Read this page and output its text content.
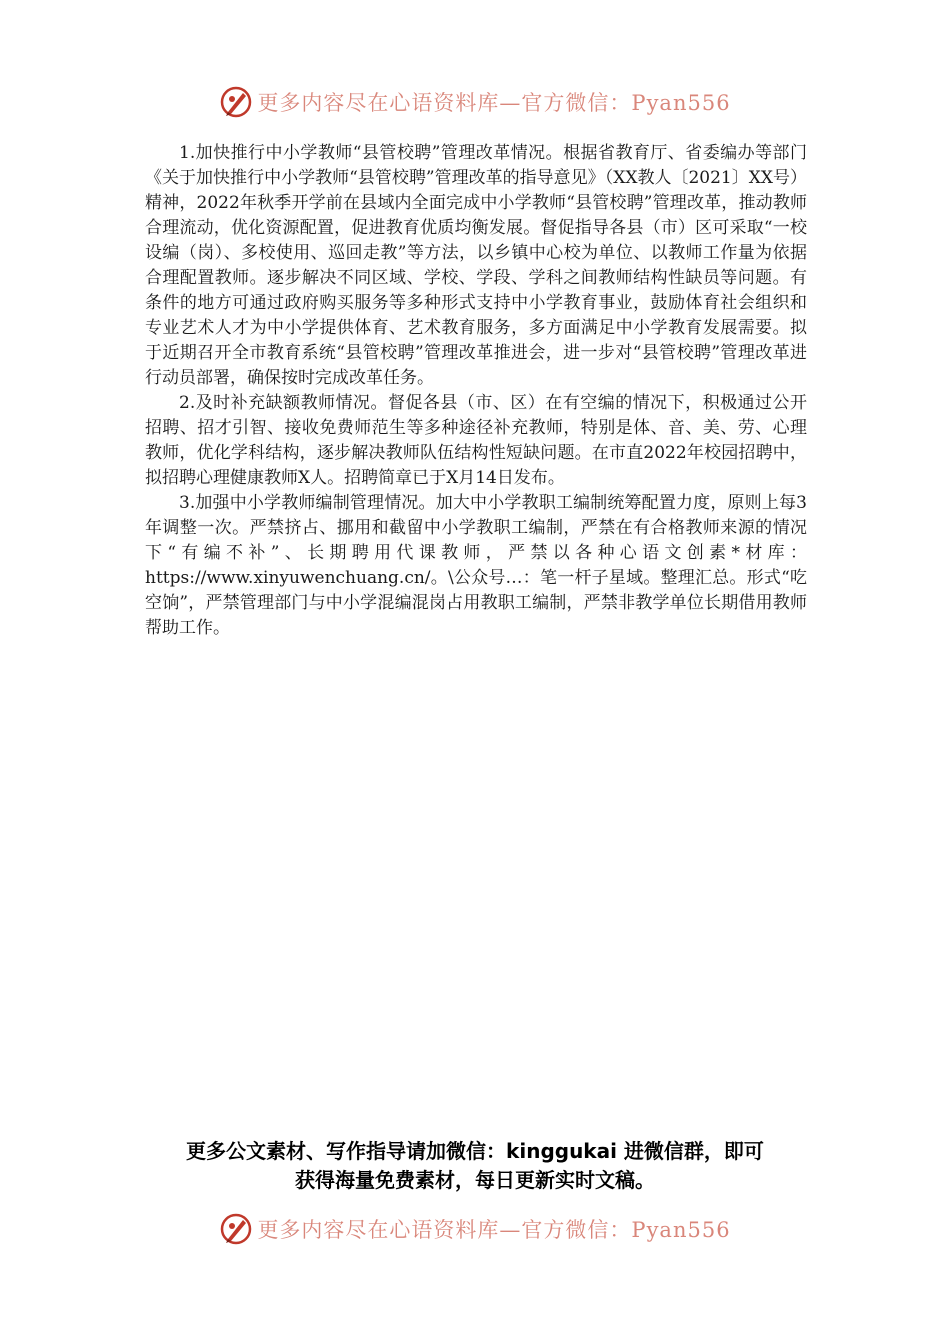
更多内容尽在心语资料库—官方微信：Pyan556

1.加快推行中小学教师“县管校聘”管理改革情况。根据省教育厅、省委编办等部门《关于加快推行中小学教师“县管校聘”管理改革的指导意见》（XX教人〔2021〕XX号）精神，2022年秋季开学前在县域内全面完成中小学教师“县管校聘”管理改革，推动教师合理流动，优化资源配置，促进教育优质均衡发展。督促指导各县（市）区可采取“一校设编（岗）、多校使用、巡回走教”等方法，以乡镇中心校为单位、以教师工作量为依据合理配置教师。逐步解决不同区域、学校、学段、学科之间教师结构性缺员等问题。有条件的地方可通过政府购买服务等多种形式支持中小学教育事业，鼓励体育社会组织和专业艺术人才为中小学提供体育、艺术教育服务，多方面满足中小学教育发展需要。拟于近期召开全市教育系统“县管校聘”管理改革推进会，进一步对“县管校聘”管理改革进行动员部署，确保按时完成改革任务。

2.及时补充缺额教师情况。督促各县（市、区）在有空编的情况下，积极通过公开招聘、招才引智、接收免费师范生等多种途径补充教师，特别是体、音、美、劳、心理教师，优化学科结构，逐步解决教师队伍结构性短缺问题。在市直2022年校园招聘中，拟招聘心理健康教师X人。招聘简章已于X月14日发布。

3.加强中小学教师编制管理情况。加大中小学教职工编制统筹配置力度，原则上每3年调整一次。严禁挤占、挪用和截留中小学教职工编制，严禁在有合格教师来源的情况下“有编不补”、长期聘用代课教师，严禁以各种心语文创素*材库：https://www.xinyuwenchuang.cn/。\公众号…：笔一杆子星域。整理汇总。形式“吃空饷”，严禁管理部门与中小学混编混岗占用教职工编制，严禁非教学单位长期借用教师帮助工作。

更多公文素材、写作指导请加微信：kinggukai 进微信群，即可
获得海量免费素材，每日更新实时文稿。
更多内容尽在心语资料库—官方微信：Pyan556
